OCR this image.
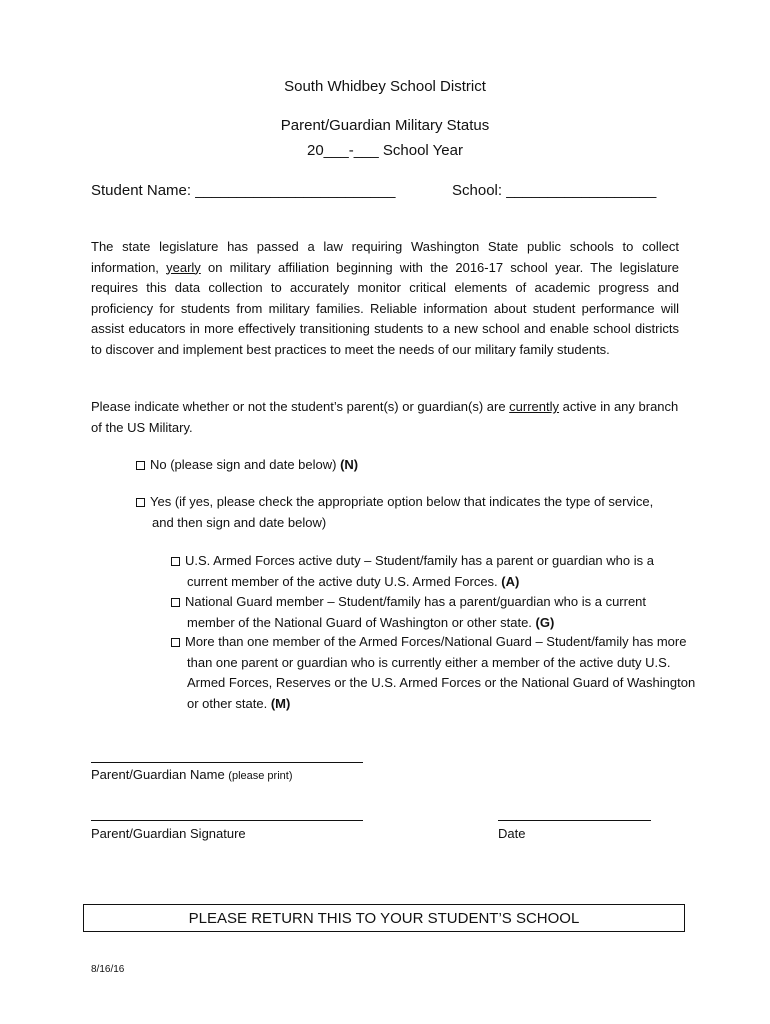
South Whidbey School District
Parent/Guardian Military Status
20___-___ School Year
Student Name: ________________________	School: __________________
The state legislature has passed a law requiring Washington State public schools to collect information, yearly on military affiliation beginning with the 2016-17 school year. The legislature requires this data collection to accurately monitor critical elements of academic progress and proficiency for students from military families. Reliable information about student performance will assist educators in more effectively transitioning students to a new school and enable school districts to discover and implement best practices to meet the needs of our military family students.
Please indicate whether or not the student’s parent(s) or guardian(s) are currently active in any branch of the US Military.
No (please sign and date below) (N)
Yes (if yes, please check the appropriate option below that indicates the type of service, and then sign and date below)
U.S. Armed Forces active duty – Student/family has a parent or guardian who is a current member of the active duty U.S. Armed Forces. (A)
National Guard member – Student/family has a parent/guardian who is a current member of the National Guard of Washington or other state. (G)
More than one member of the Armed Forces/National Guard – Student/family has more than one parent or guardian who is currently either a member of the active duty U.S. Armed Forces, Reserves or the U.S. Armed Forces or the National Guard of Washington or other state. (M)
Parent/Guardian Name (please print)
Parent/Guardian Signature	Date
PLEASE RETURN THIS TO YOUR STUDENT’S SCHOOL
8/16/16
